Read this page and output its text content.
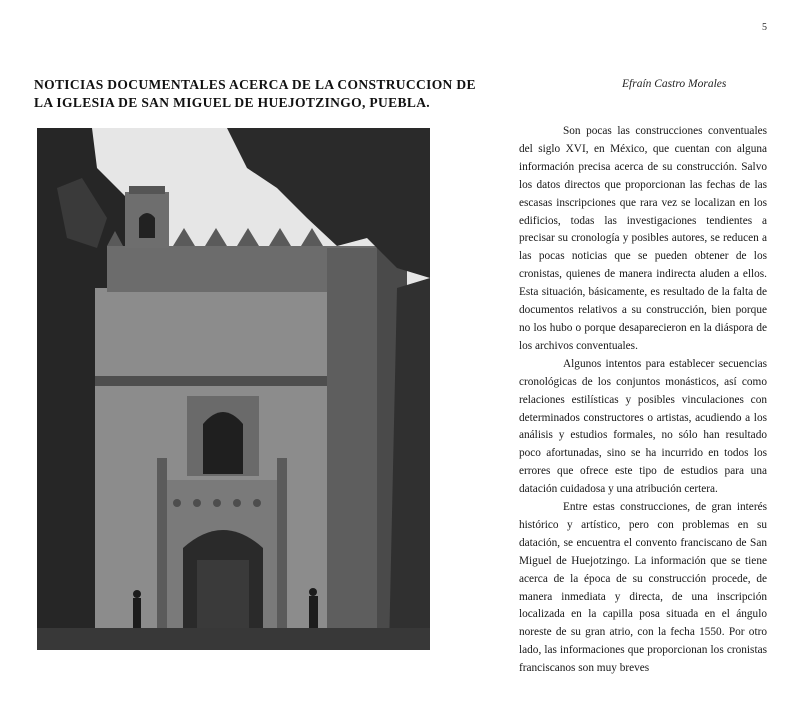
5
NOTICIAS DOCUMENTALES ACERCA DE LA CONSTRUCCION DE LA IGLESIA DE SAN MIGUEL DE HUEJOTZINGO, PUEBLA.
Efraín Castro Morales

Son pocas las construcciones conventuales del siglo XVI, en México, que cuentan con alguna información precisa acerca de su construcción. Salvo los datos directos que proporcionan las fechas de las escasas inscripciones que rara vez se localizan en los edificios, todas las investigaciones tendientes a precisar su cronología y posibles autores, se reducen a las pocas noticias que se pueden obtener de los cronistas, quienes de manera indirecta aluden a ellos. Esta situación, básicamente, es resultado de la falta de documentos relativos a su construcción, bien porque no los hubo o porque desaparecieron en la diáspora de los archivos conventuales.

Algunos intentos para establecer secuencias cronológicas de los conjuntos monásticos, así como relaciones estilísticas y posibles vinculaciones con determinados constructores o artistas, acudiendo a los análisis y estudios formales, no sólo han resultado poco afortunadas, sino se ha incurrido en todos los errores que ofrece este tipo de estudios para una datación cuidadosa y una atribución certera.

Entre estas construcciones, de gran interés histórico y artístico, pero con problemas en su datación, se encuentra el convento franciscano de San Miguel de Huejotzingo. La información que se tiene acerca de la época de su construcción procede, de manera inmediata y directa, de una inscripción localizada en la capilla posa situada en el ángulo noreste de su gran atrio, con la fecha 1550. Por otro lado, las informaciones que proporcionan los cronistas franciscanos son muy breves
